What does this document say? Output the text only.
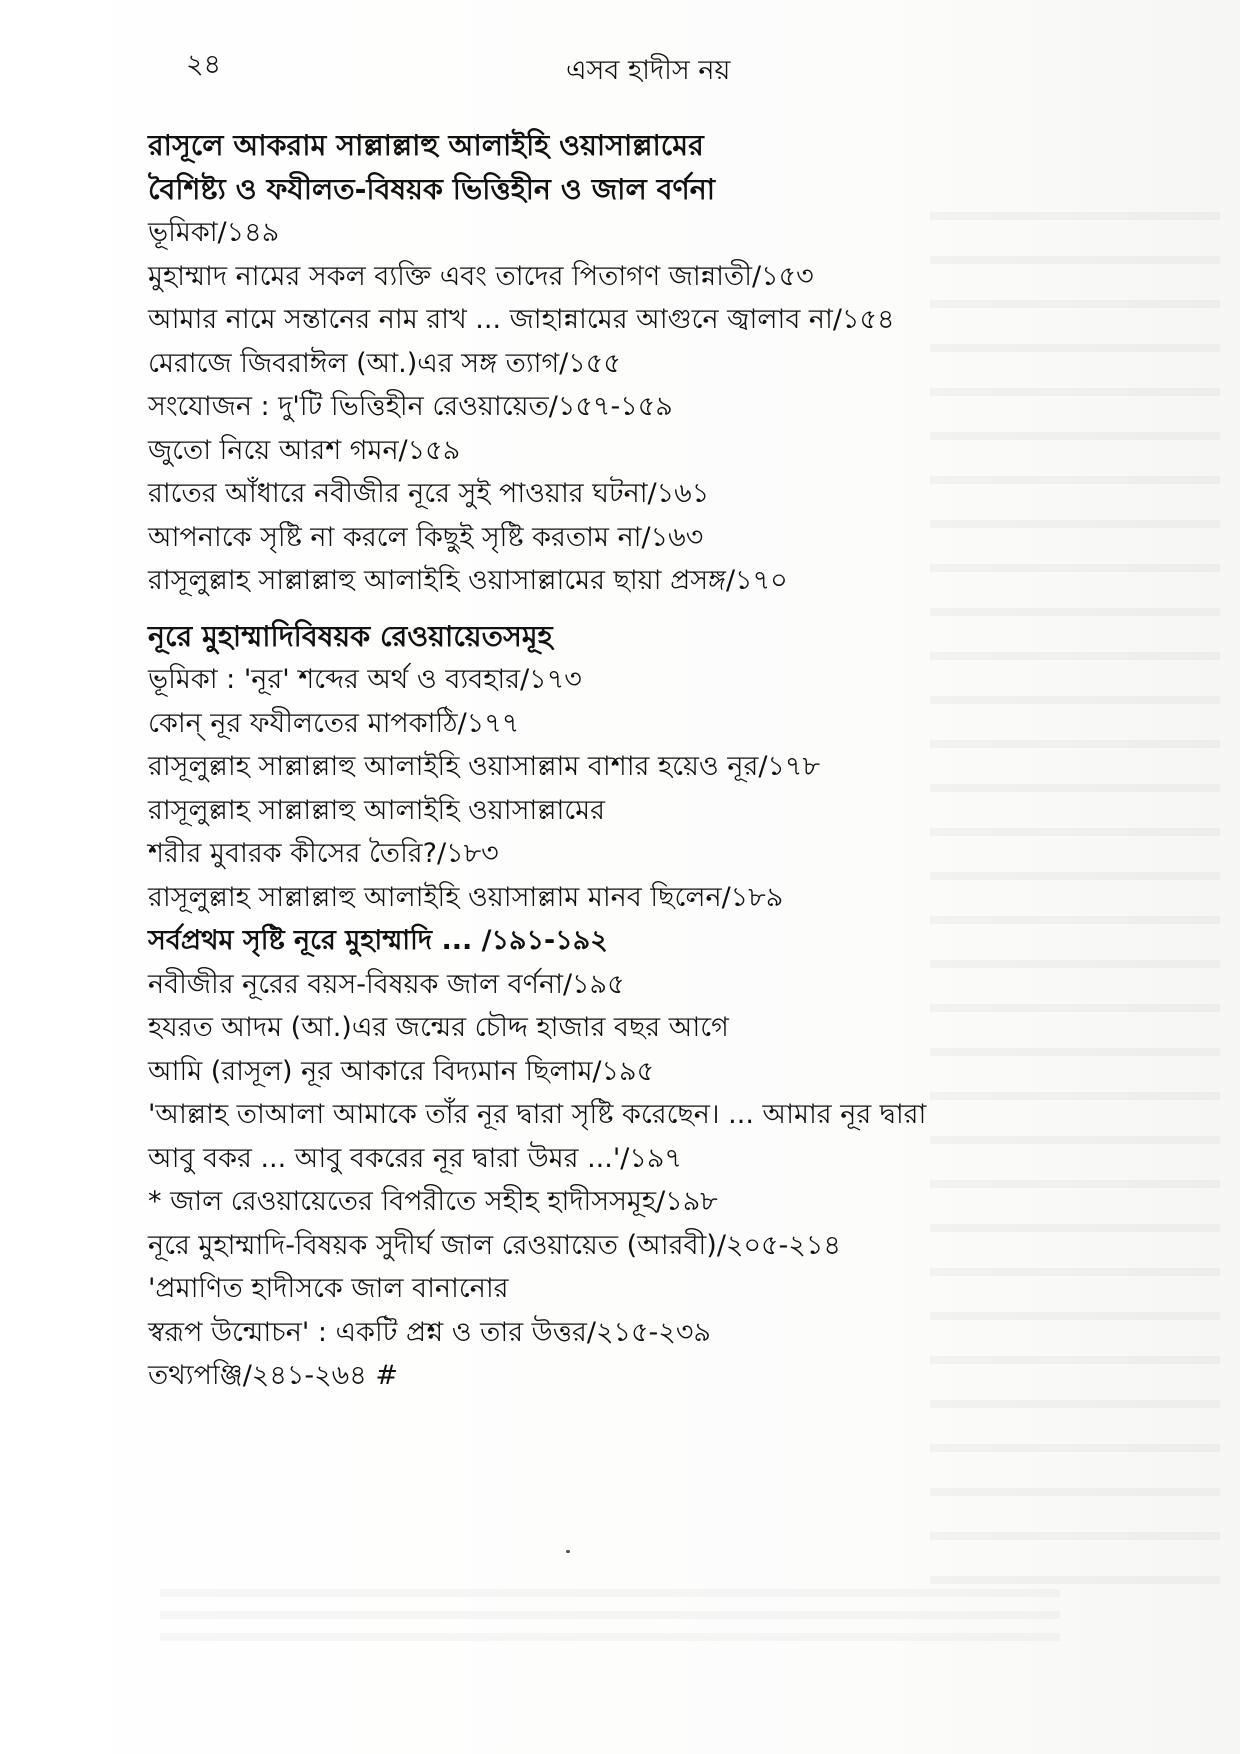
২৪	এসব হাদীস নয়
রাসূলে আকরাম সাল্লাল্লাহু আলাইহি ওয়াসাল্লামের
বৈশিষ্ট্য ও ফযীলত-বিষয়ক ভিত্তিহীন ও জাল বর্ণনা
ভূমিকা/১৪৯
মুহাম্মাদ নামের সকল ব্যক্তি এবং তাদের পিতাগণ জান্নাতী/১৫৩
আমার নামে সন্তানের নাম রাখ ... জাহান্নামের আগুনে জ্বালাব না/১৫৪
মেরাজে জিবরাঈল (আ.)এর সঙ্গ ত্যাগ/১৫৫
সংযোজন : দু'টি ভিত্তিহীন রেওয়ায়েত/১৫৭-১৫৯
জুতো নিয়ে আরশ গমন/১৫৯
রাতের আঁধারে নবীজীর নূরে সুই পাওয়ার ঘটনা/১৬১
আপনাকে সৃষ্টি না করলে কিছুই সৃষ্টি করতাম না/১৬৩
রাসূলুল্লাহ সাল্লাল্লাহু আলাইহি ওয়াসাল্লামের ছায়া প্রসঙ্গ/১৭০
নূরে মুহাম্মাদিবিষয়ক রেওয়ায়েতসমূহ
ভূমিকা : 'নূর' শব্দের অর্থ ও ব্যবহার/১৭৩
কোন্ নূর ফযীলতের মাপকাঠি/১৭৭
রাসূলুল্লাহ সাল্লাল্লাহু আলাইহি ওয়াসাল্লাম বাশার হয়েও নূর/১৭৮
রাসূলুল্লাহ সাল্লাল্লাহু আলাইহি ওয়াসাল্লামের
শরীর মুবারক কীসের তৈরি?/১৮৩
রাসূলুল্লাহ সাল্লাল্লাহু আলাইহি ওয়াসাল্লাম মানব ছিলেন/১৮৯
সর্বপ্রথম সৃষ্টি নূরে মুহাম্মাদি ... /১৯১-১৯২
নবীজীর নূরের বয়স-বিষয়ক জাল বর্ণনা/১৯৫
হযরত আদম (আ.)এর জন্মের চৌদ্দ হাজার বছর আগে
আমি (রাসূল) নূর আকারে বিদ্যমান ছিলাম/১৯৫
'আল্লাহ তাআলা আমাকে তাঁর নূর দ্বারা সৃষ্টি করেছেন। ... আমার নূর দ্বারা
আবু বকর ... আবু বকরের নূর দ্বারা উমর ...'/১৯৭
* জাল রেওয়ায়েতের বিপরীতে সহীহ হাদীসসমূহ/১৯৮
নূরে মুহাম্মাদি-বিষয়ক সুদীর্ঘ জাল রেওয়ায়েত (আরবী)/২০৫-২১৪
'প্রমাণিত হাদীসকে জাল বানানোর
স্বরূপ উন্মোচন' : একটি প্রশ্ন ও তার উত্তর/২১৫-২৩৯
তথ্যপঞ্জি/২৪১-২৬৪ #
